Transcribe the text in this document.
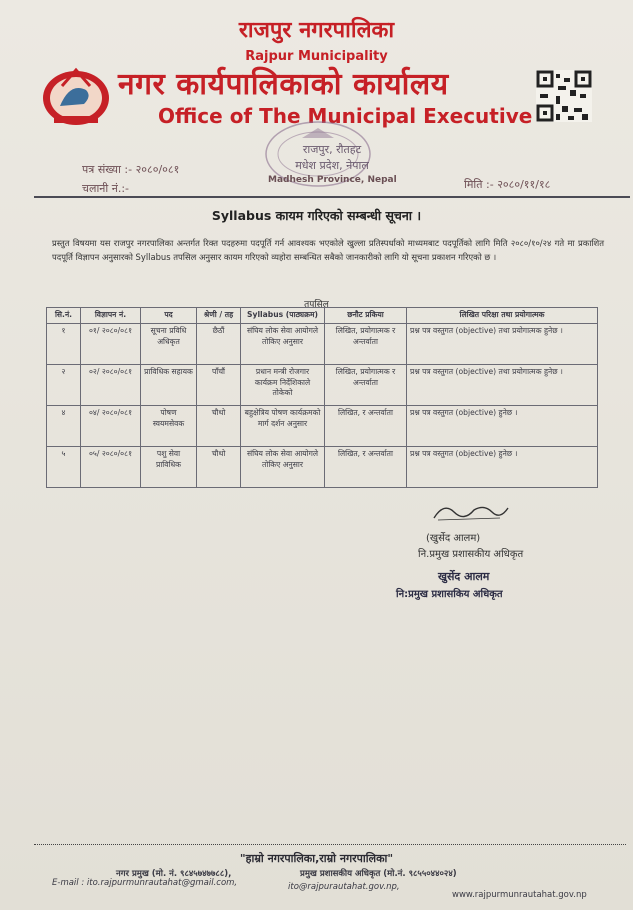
राजपुर नगरपालिका
Rajpur Municipality
नगर कार्यपालिकाको कार्यालय
Office of The Municipal Executive
राजपुर, रौतहट
मधेश प्रदेश, नेपाल
Madhesh Province, Nepal
पत्र संख्या :- २०८०/०८१
चलानी नं.:-	मिति :- २०८०/११/१८
Syllabus कायम गरिएको सम्बन्धी सूचना ।
प्रस्तुत विषयमा यस राजपुर नगरपालिका अन्तर्गत रिक्त पदहरुमा पदपूर्ति गर्न आवश्यक भएकोले खुल्ला प्रतिस्पर्धाको माध्यमबाट पदपूर्तिको लागि मिति २०८०/१०/२४ गते मा प्रकाशित पदपूर्ति विज्ञापन अनुसारको Syllabus तपसिल अनुसार कायम गरिएको व्यहोरा सम्बन्धित सबैको जानकारीको लागि यो सूचना प्रकाशन गरिएको छ ।
तपसिल
सि.नं.	विज्ञापन नं.	पद	श्रेणी / तह	Syllabus (पाठ्यक्रम)	छनौट प्रकिया	लिखित परिक्षा तथा प्रयोगात्मक
१	०१/ २०८०/०८१	सूचना प्रविधि अधिकृत	छैठौं	संघिय लोक सेवा आयोगले तोकिए अनुसार	लिखित, प्रयोगात्मक र अन्तर्वाता	प्रश्न पत्र वस्तुगत (objective) तथा प्रयोगात्मक हुनेछ ।
२	०२/ २०८०/०८१	प्राविधिक सहायक	पाँचौं	प्रधान मन्त्री रोजगार कार्यक्रम निर्देशिकाले तोकेको	लिखित, प्रयोगात्मक र अन्तर्वाता	प्रश्न पत्र वस्तुगत (objective) तथा प्रयोगात्मक हुनेछ ।
४	०४/ २०८०/०८१	पोषण स्वयमसेवक	चौथो	बहुक्षेत्रिय पोषण कार्यक्रमको मार्ग दर्शन अनुसार	लिखित, र अन्तर्वाता	प्रश्न पत्र वस्तुगत (objective) हुनेछ ।
५	०५/ २०८०/०८१	पशु सेवा प्राविधिक	चौथो	संघिय लोक सेवा आयोगले तोकिए अनुसार	लिखित, र अन्तर्वाता	प्रश्न पत्र वस्तुगत (objective) हुनेछ ।
(खुर्सेद आलम)
नि.प्रमुख प्रशासकीय अधिकृत
खुर्सेद आलम
नि:प्रमुख प्रशासकिय अधिकृत
"हाम्रो नगरपालिका,राम्रो नगरपालिका"
नगर प्रमुख (मो. नं. ९८४५७४७७८८),	प्रमुख प्रशासकीय अधिकृत (मो.नं. ९८५५०४४०२४)
E-mail : ito.rajpurmunrautahat@gmail.com,	ito@rajpurautahat.gov.np,
www.rajpurmunrautahat.gov.np
